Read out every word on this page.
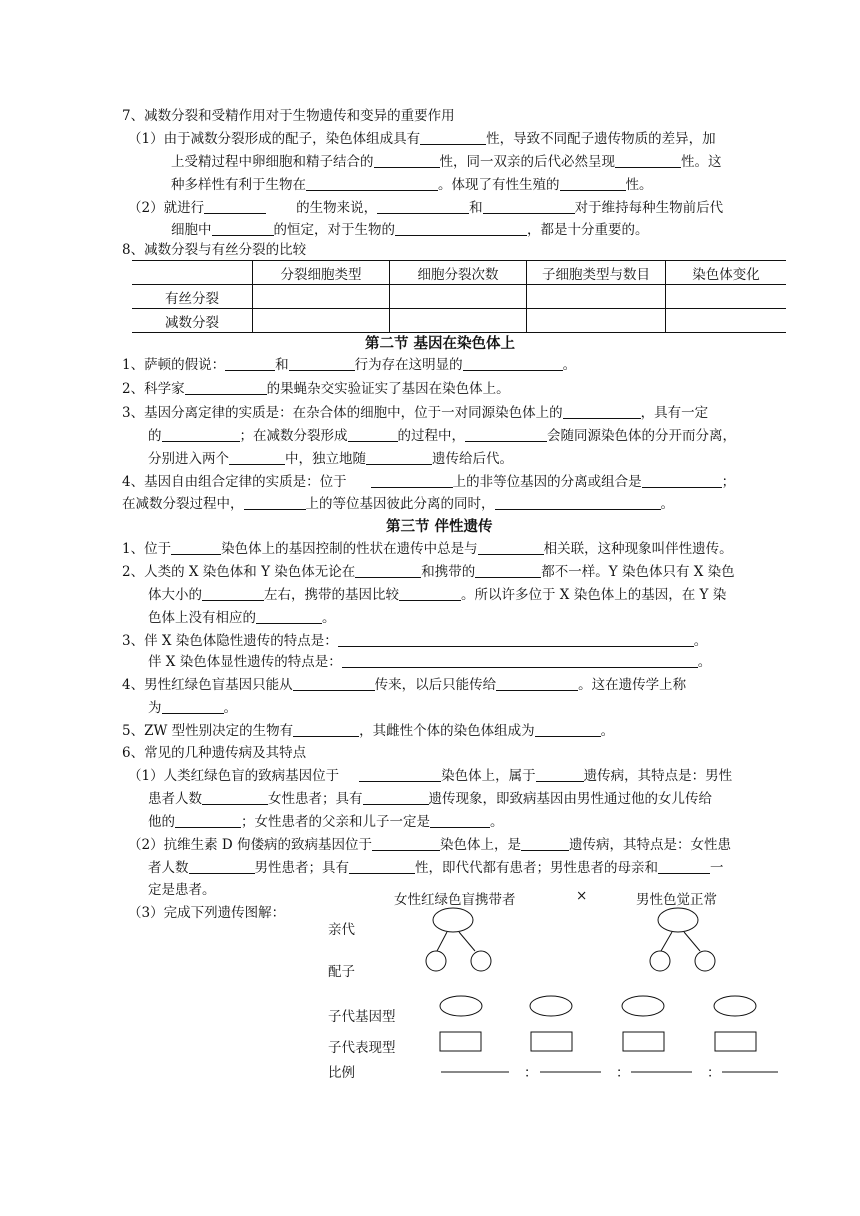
7、减数分裂和受精作用对于生物遗传和变异的重要作用
（1）由于减数分裂形成的配子，染色体组成具有	性，导致不同配子遗传物质的差异，加
上受精过程中卵细胞和精子结合的	性，同一双亲的后代必然呈现	性。这
种多样性有利于生物在	。体现了有性生殖的	性。
（2）就进行	的生物来说，	和	对于维持每种生物前后代
细胞中	的恒定，对于生物的	，都是十分重要的。
8、减数分裂与有丝分裂的比较
	分裂细胞类型	细胞分裂次数	子细胞类型与数目	染色体变化
有丝分裂				
减数分裂				
第二节 基因在染色体上
1、萨顿的假说：	和	行为存在这明显的	。
2、科学家	的果蝇杂交实验证实了基因在染色体上。
3、基因分离定律的实质是：在杂合体的细胞中，位于一对同源染色体上的	，具有一定
的	；在减数分裂形成	的过程中，	会随同源染色体的分开而分离，
分别进入两个	中，独立地随	遗传给后代。
4、基因自由组合定律的实质是：位于	上的非等位基因的分离或组合是	；
在减数分裂过程中，	上的等位基因彼此分离的同时，	。
第三节 伴性遗传
1、位于	染色体上的基因控制的性状在遗传中总是与	相关联，这种现象叫伴性遗传。
2、人类的 X 染色体和 Y 染色体无论在	和携带的	都不一样。Y 染色体只有 X 染色
体大小的	左右，携带的基因比较	。所以许多位于 X 染色体上的基因，在 Y 染
色体上没有相应的	。
3、伴 X 染色体隐性遗传的特点是：	。
伴 X 染色体显性遗传的特点是：	。
4、男性红绿色盲基因只能从	传来，以后只能传给	。这在遗传学上称
为	。
5、ZW 型性别决定的生物有	，其雌性个体的染色体组成为	。
6、常见的几种遗传病及其特点
（1）人类红绿色盲的致病基因位于	染色体上，属于	遗传病，其特点是：男性
患者人数	女性患者；具有	遗传现象，即致病基因由男性通过他的女儿传给
他的	；女性患者的父亲和儿子一定是	。
（2）抗维生素 D 佝偻病的致病基因位于	染色体上，是	遗传病，其特点是：女性患
者人数	男性患者；具有	性，即代代都有患者；男性患者的母亲和	一
定是患者。
（3）完成下列遗传图解：
女性红绿色盲携带者	×	男性色觉正常
亲代
配子
子代基因型
子代表现型
比例	：	：	：
